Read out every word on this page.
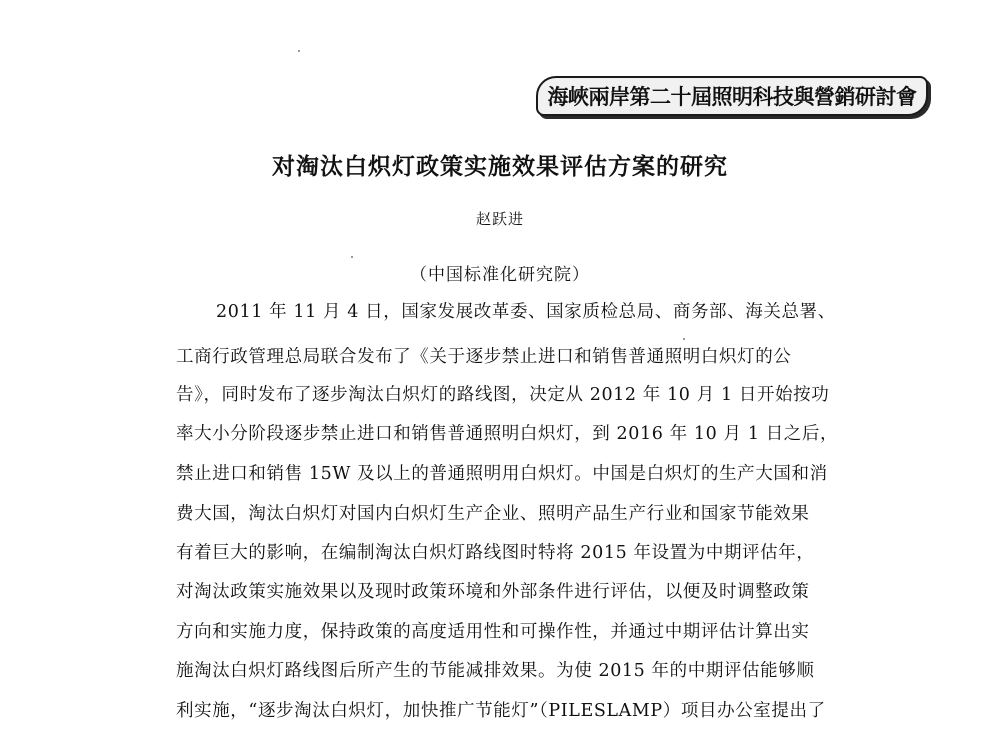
海峽兩岸第二十屆照明科技與營銷研討會
对淘汰白炽灯政策实施效果评估方案的研究
赵跃进
（中国标准化研究院）
2011 年 11 月 4 日，国家发展改革委、国家质检总局、商务部、海关总署、
工商行政管理总局联合发布了《关于逐步禁止进口和销售普通照明白炽灯的公
告》，同时发布了逐步淘汰白炽灯的路线图，决定从 2012 年 10 月 1 日开始按功
率大小分阶段逐步禁止进口和销售普通照明白炽灯，到 2016 年 10 月 1 日之后，
禁止进口和销售 15W 及以上的普通照明用白炽灯。中国是白炽灯的生产大国和消
费大国，淘汰白炽灯对国内白炽灯生产企业、照明产品生产行业和国家节能效果
有着巨大的影响，在编制淘汰白炽灯路线图时特将 2015 年设置为中期评估年，
对淘汰政策实施效果以及现时政策环境和外部条件进行评估，以便及时调整政策
方向和实施力度，保持政策的高度适用性和可操作性，并通过中期评估计算出实
施淘汰白炽灯路线图后所产生的节能减排效果。为使 2015 年的中期评估能够顺
利实施，“逐步淘汰白炽灯，加快推广节能灯”（PILESLAMP）项目办公室提出了
